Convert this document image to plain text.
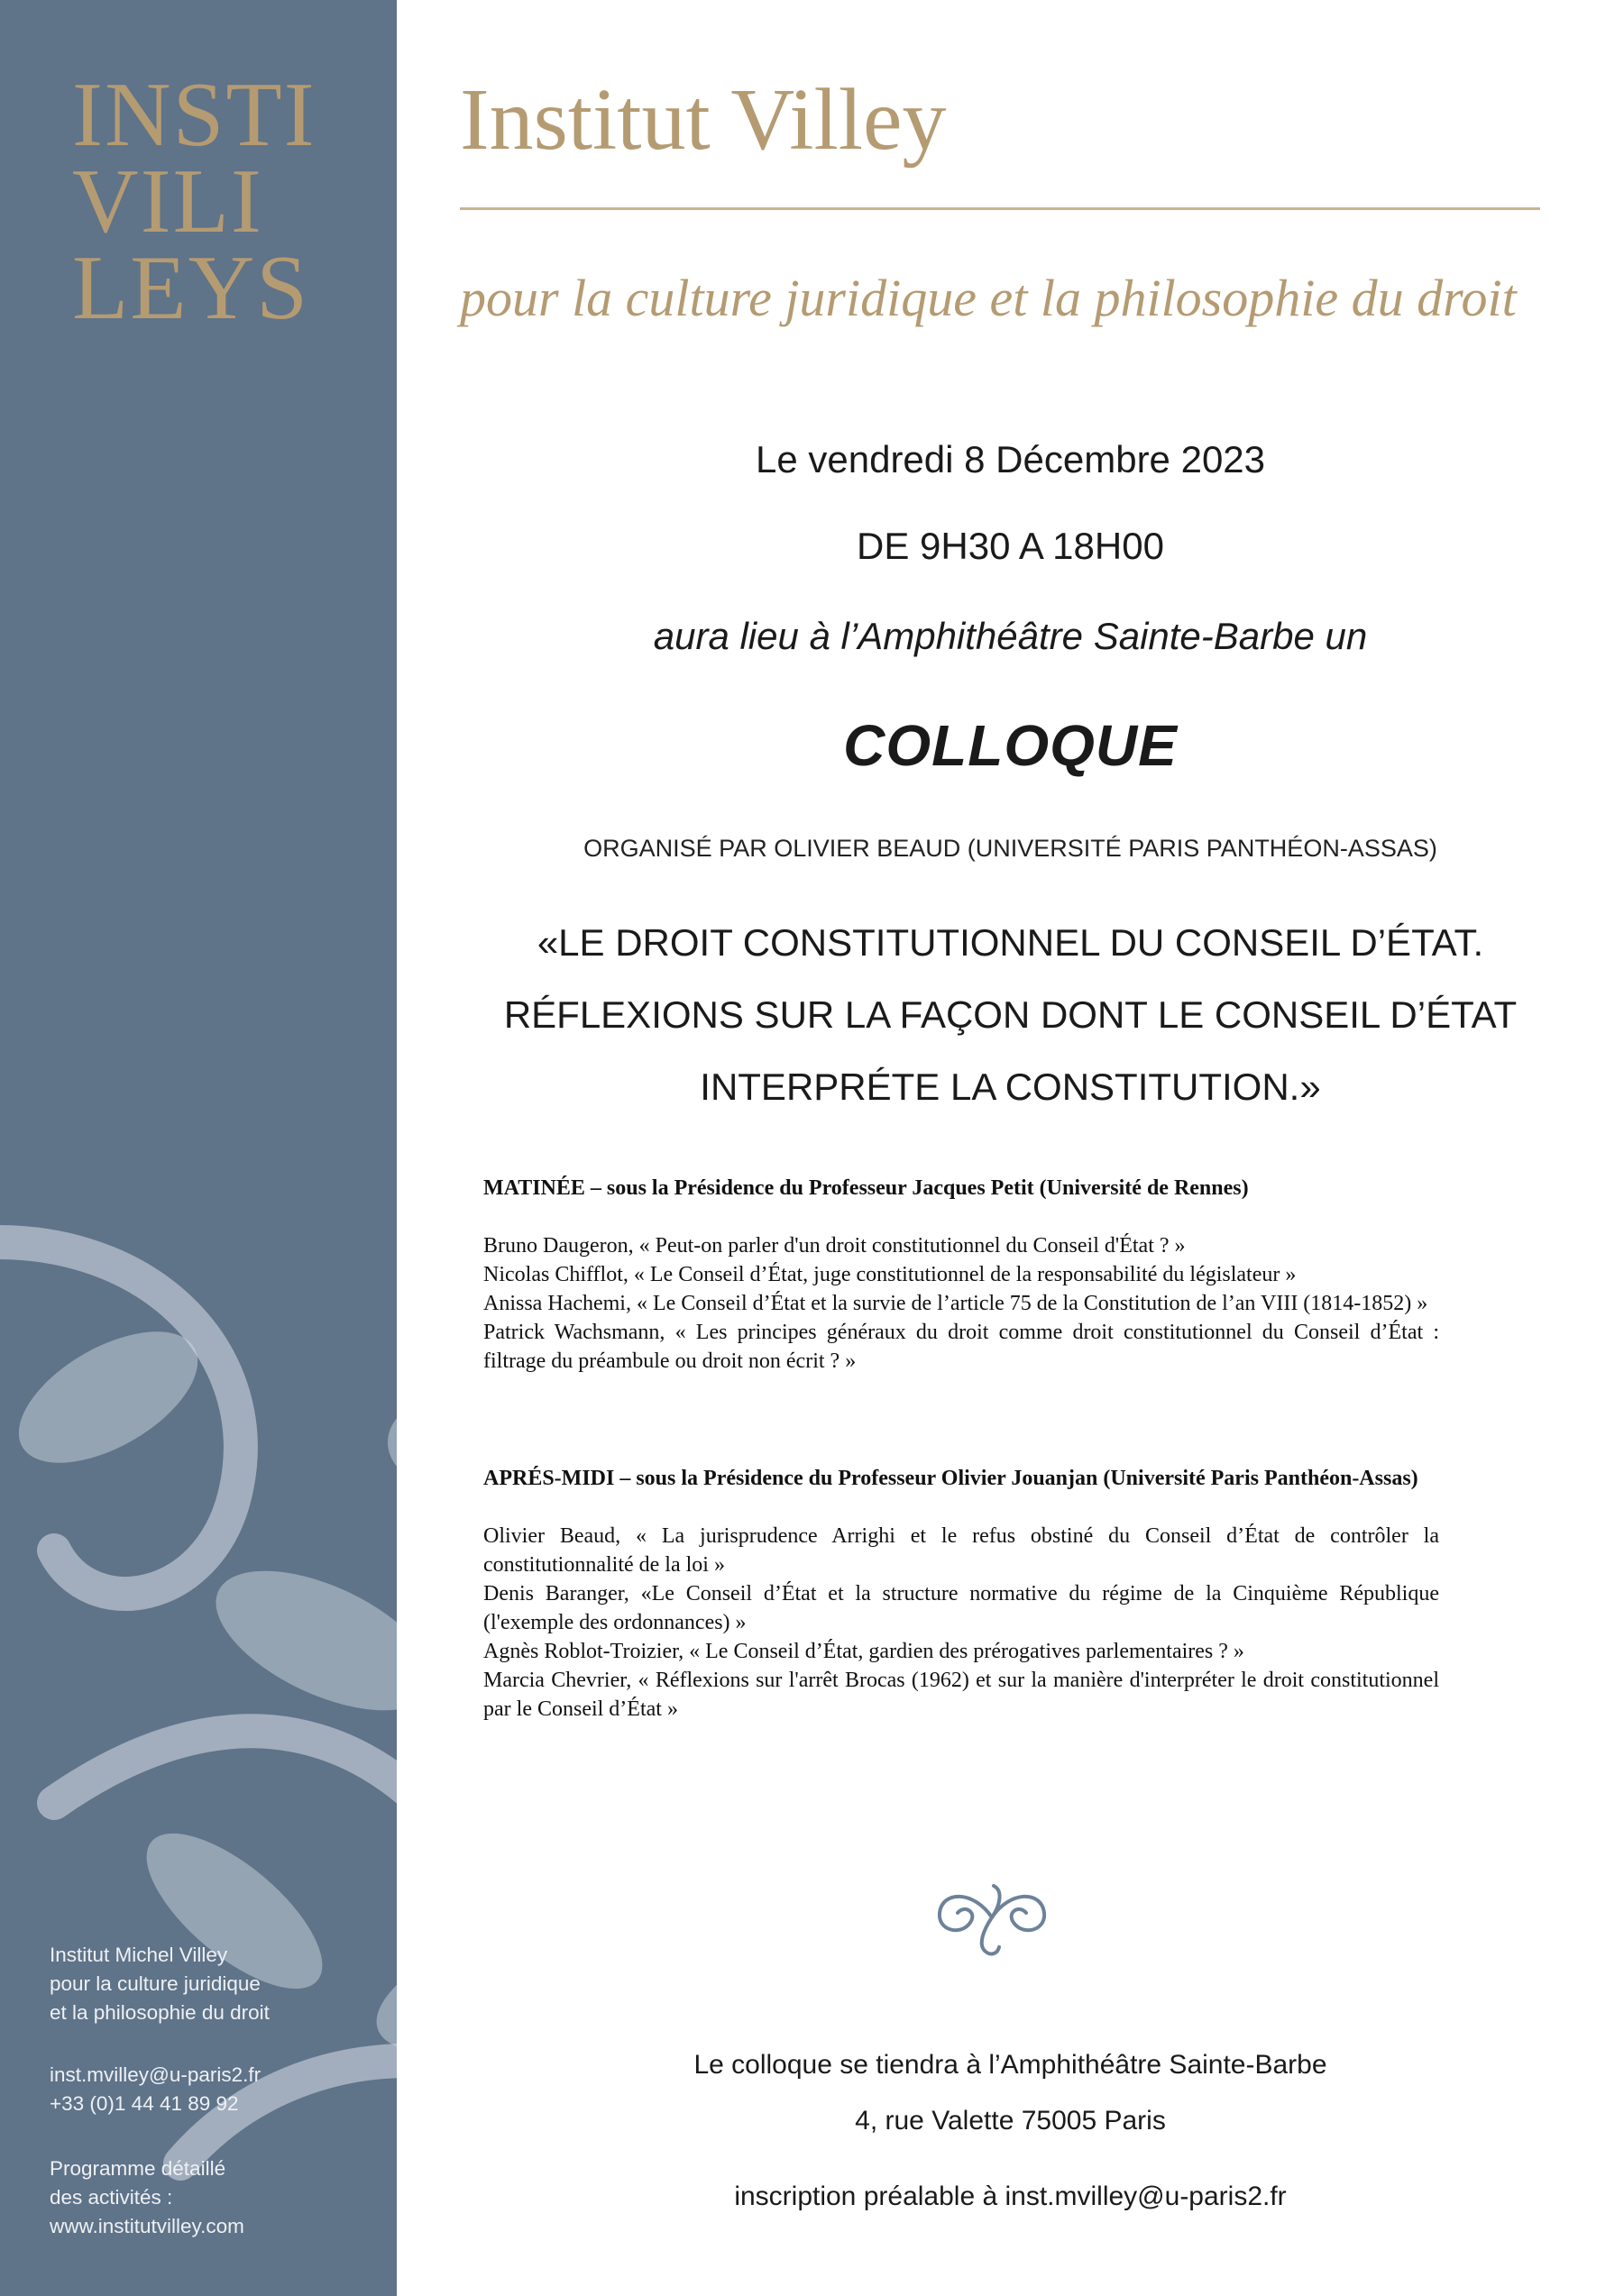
INSTI
VILI
LEYS
Institut Michel Villey
pour la culture juridique
et la philosophie du droit
inst.mvilley@u-paris2.fr
+33 (0)1 44 41 89 92
Programme détaillé
des activités :
www.institutvilley.com
Institut Villey
pour la culture juridique et la philosophie du droit
Le vendredi 8 Décembre 2023
DE 9H30 A 18H00
aura lieu à l’Amphithéâtre Sainte-Barbe un
COLLOQUE
ORGANISÉ PAR OLIVIER BEAUD (UNIVERSITÉ PARIS PANTHÉON-ASSAS)
«LE DROIT CONSTITUTIONNEL DU CONSEIL D’ÉTAT.
RÉFLEXIONS SUR LA FAÇON DONT LE CONSEIL D’ÉTAT
INTERPRÉTE LA CONSTITUTION.»
MATINÉE – sous la Présidence du Professeur Jacques Petit (Université de Rennes)

Bruno Daugeron, « Peut-on parler d'un droit constitutionnel du Conseil d'État ? »

Nicolas Chifflot, « Le Conseil d’État, juge constitutionnel de la responsabilité du législateur »

Anissa Hachemi, « Le Conseil d’État et la survie de l’article 75 de la Constitution de l’an VIII (1814-1852) »

Patrick Wachsmann, « Les principes généraux du droit comme droit constitutionnel du Conseil d’État : filtrage du préambule ou droit non écrit ? »

APRÉS-MIDI – sous la Présidence du Professeur Olivier Jouanjan (Université Paris Panthéon-Assas)

Olivier Beaud, « La jurisprudence Arrighi et le refus obstiné du Conseil d’État de contrôler la constitutionnalité de la loi »

Denis Baranger, «Le Conseil d’État et la structure normative du régime de la Cinquième République (l'exemple des ordonnances) »

Agnès Roblot-Troizier, « Le Conseil d’État, gardien des prérogatives parlementaires ? »

Marcia Chevrier, « Réflexions sur l'arrêt Brocas (1962) et sur la manière d'interpréter le droit constitutionnel par le Conseil d’État »

Le colloque se tiendra à l’Amphithéâtre Sainte-Barbe
4, rue Valette 75005 Paris
inscription préalable à inst.mvilley@u-paris2.fr
